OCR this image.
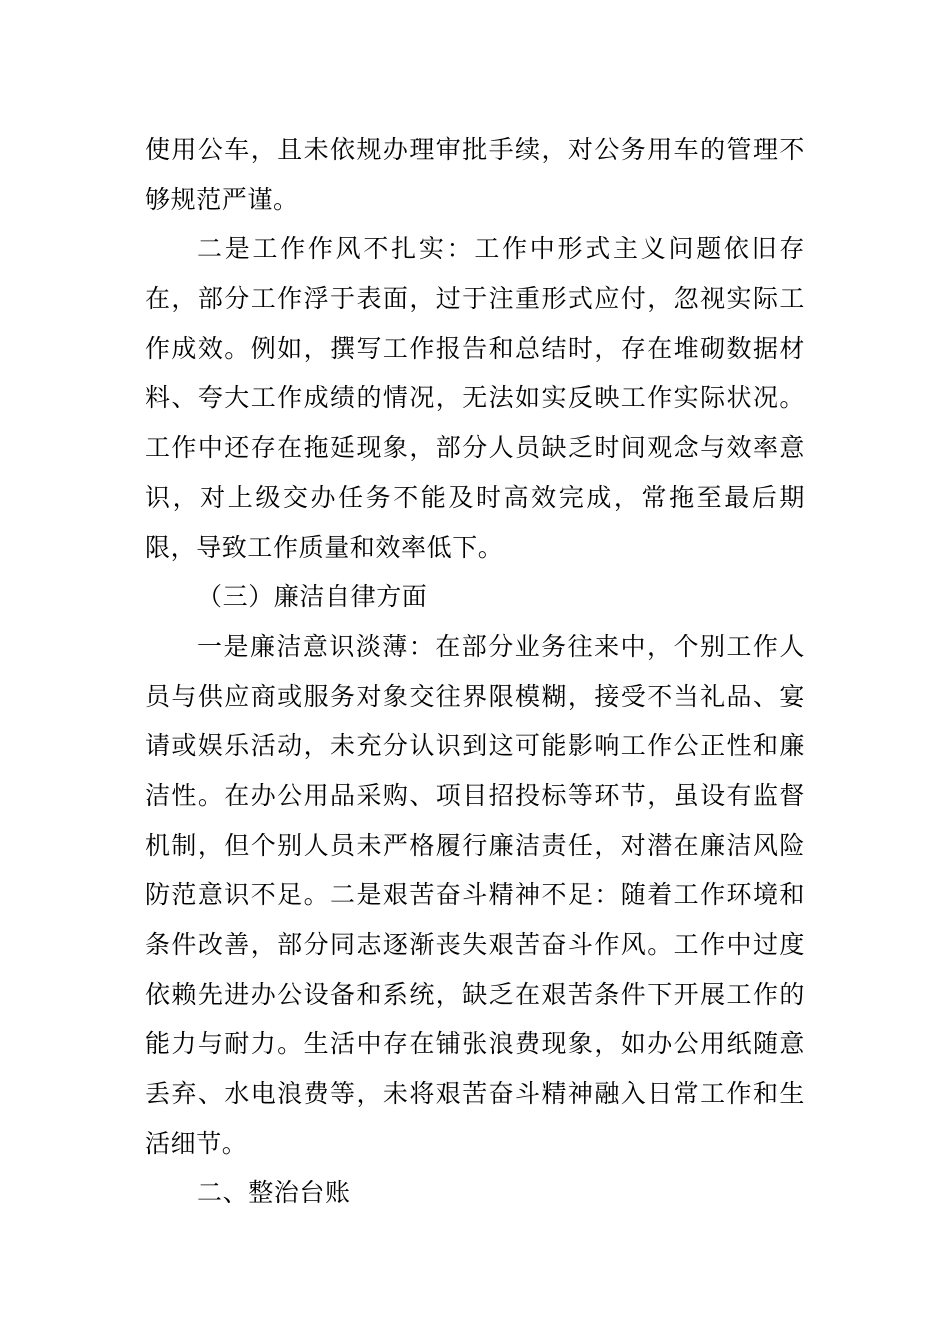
使用公车，且未依规办理审批手续，对公务用车的管理不
够规范严谨。
二是工作作风不扎实：工作中形式主义问题依旧存
在，部分工作浮于表面，过于注重形式应付，忽视实际工
作成效。例如，撰写工作报告和总结时，存在堆砌数据材
料、夸大工作成绩的情况，无法如实反映工作实际状况。
工作中还存在拖延现象，部分人员缺乏时间观念与效率意
识，对上级交办任务不能及时高效完成，常拖至最后期
限，导致工作质量和效率低下。
（三）廉洁自律方面
一是廉洁意识淡薄：在部分业务往来中，个别工作人
员与供应商或服务对象交往界限模糊，接受不当礼品、宴
请或娱乐活动，未充分认识到这可能影响工作公正性和廉
洁性。在办公用品采购、项目招投标等环节，虽设有监督
机制，但个别人员未严格履行廉洁责任，对潜在廉洁风险
防范意识不足。二是艰苦奋斗精神不足：随着工作环境和
条件改善，部分同志逐渐丧失艰苦奋斗作风。工作中过度
依赖先进办公设备和系统，缺乏在艰苦条件下开展工作的
能力与耐力。生活中存在铺张浪费现象，如办公用纸随意
丢弃、水电浪费等，未将艰苦奋斗精神融入日常工作和生
活细节。
二、整治台账
